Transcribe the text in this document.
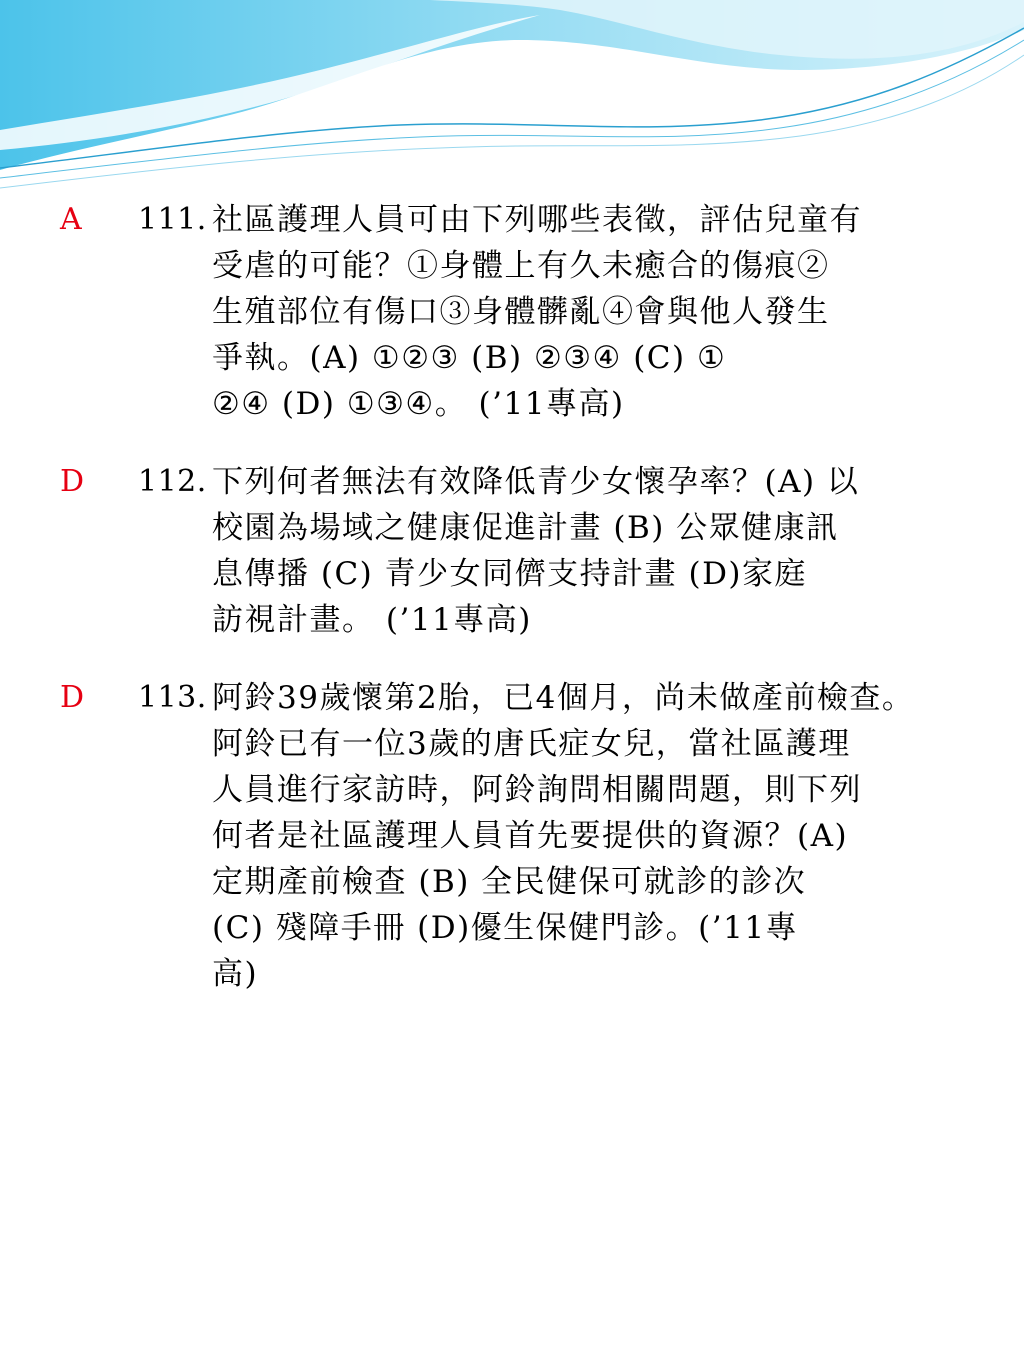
A 111. 社區護理人員可由下列哪些表徵，評估兒童有
受虐的可能？①身體上有久未癒合的傷痕②
生殖部位有傷口③身體髒亂④會與他人發生
爭執。(A) ①②③ (B) ②③④ (C) ①
②④ (D) ①③④。 (’11專高)
D 112. 下列何者無法有效降低青少女懷孕率？(A) 以
校園為場域之健康促進計畫 (B) 公眾健康訊
息傳播 (C) 青少女同儕支持計畫 (D)家庭
訪視計畫。 (’11專高)
D 113. 阿鈴39歲懷第2胎，已4個月，尚未做產前檢查。
阿鈴已有一位3歲的唐氏症女兒，當社區護理
人員進行家訪時，阿鈴詢問相關問題，則下列
何者是社區護理人員首先要提供的資源？(A)
定期產前檢查 (B) 全民健保可就診的診次
(C) 殘障手冊 (D)優生保健門診。(’11專
高)
